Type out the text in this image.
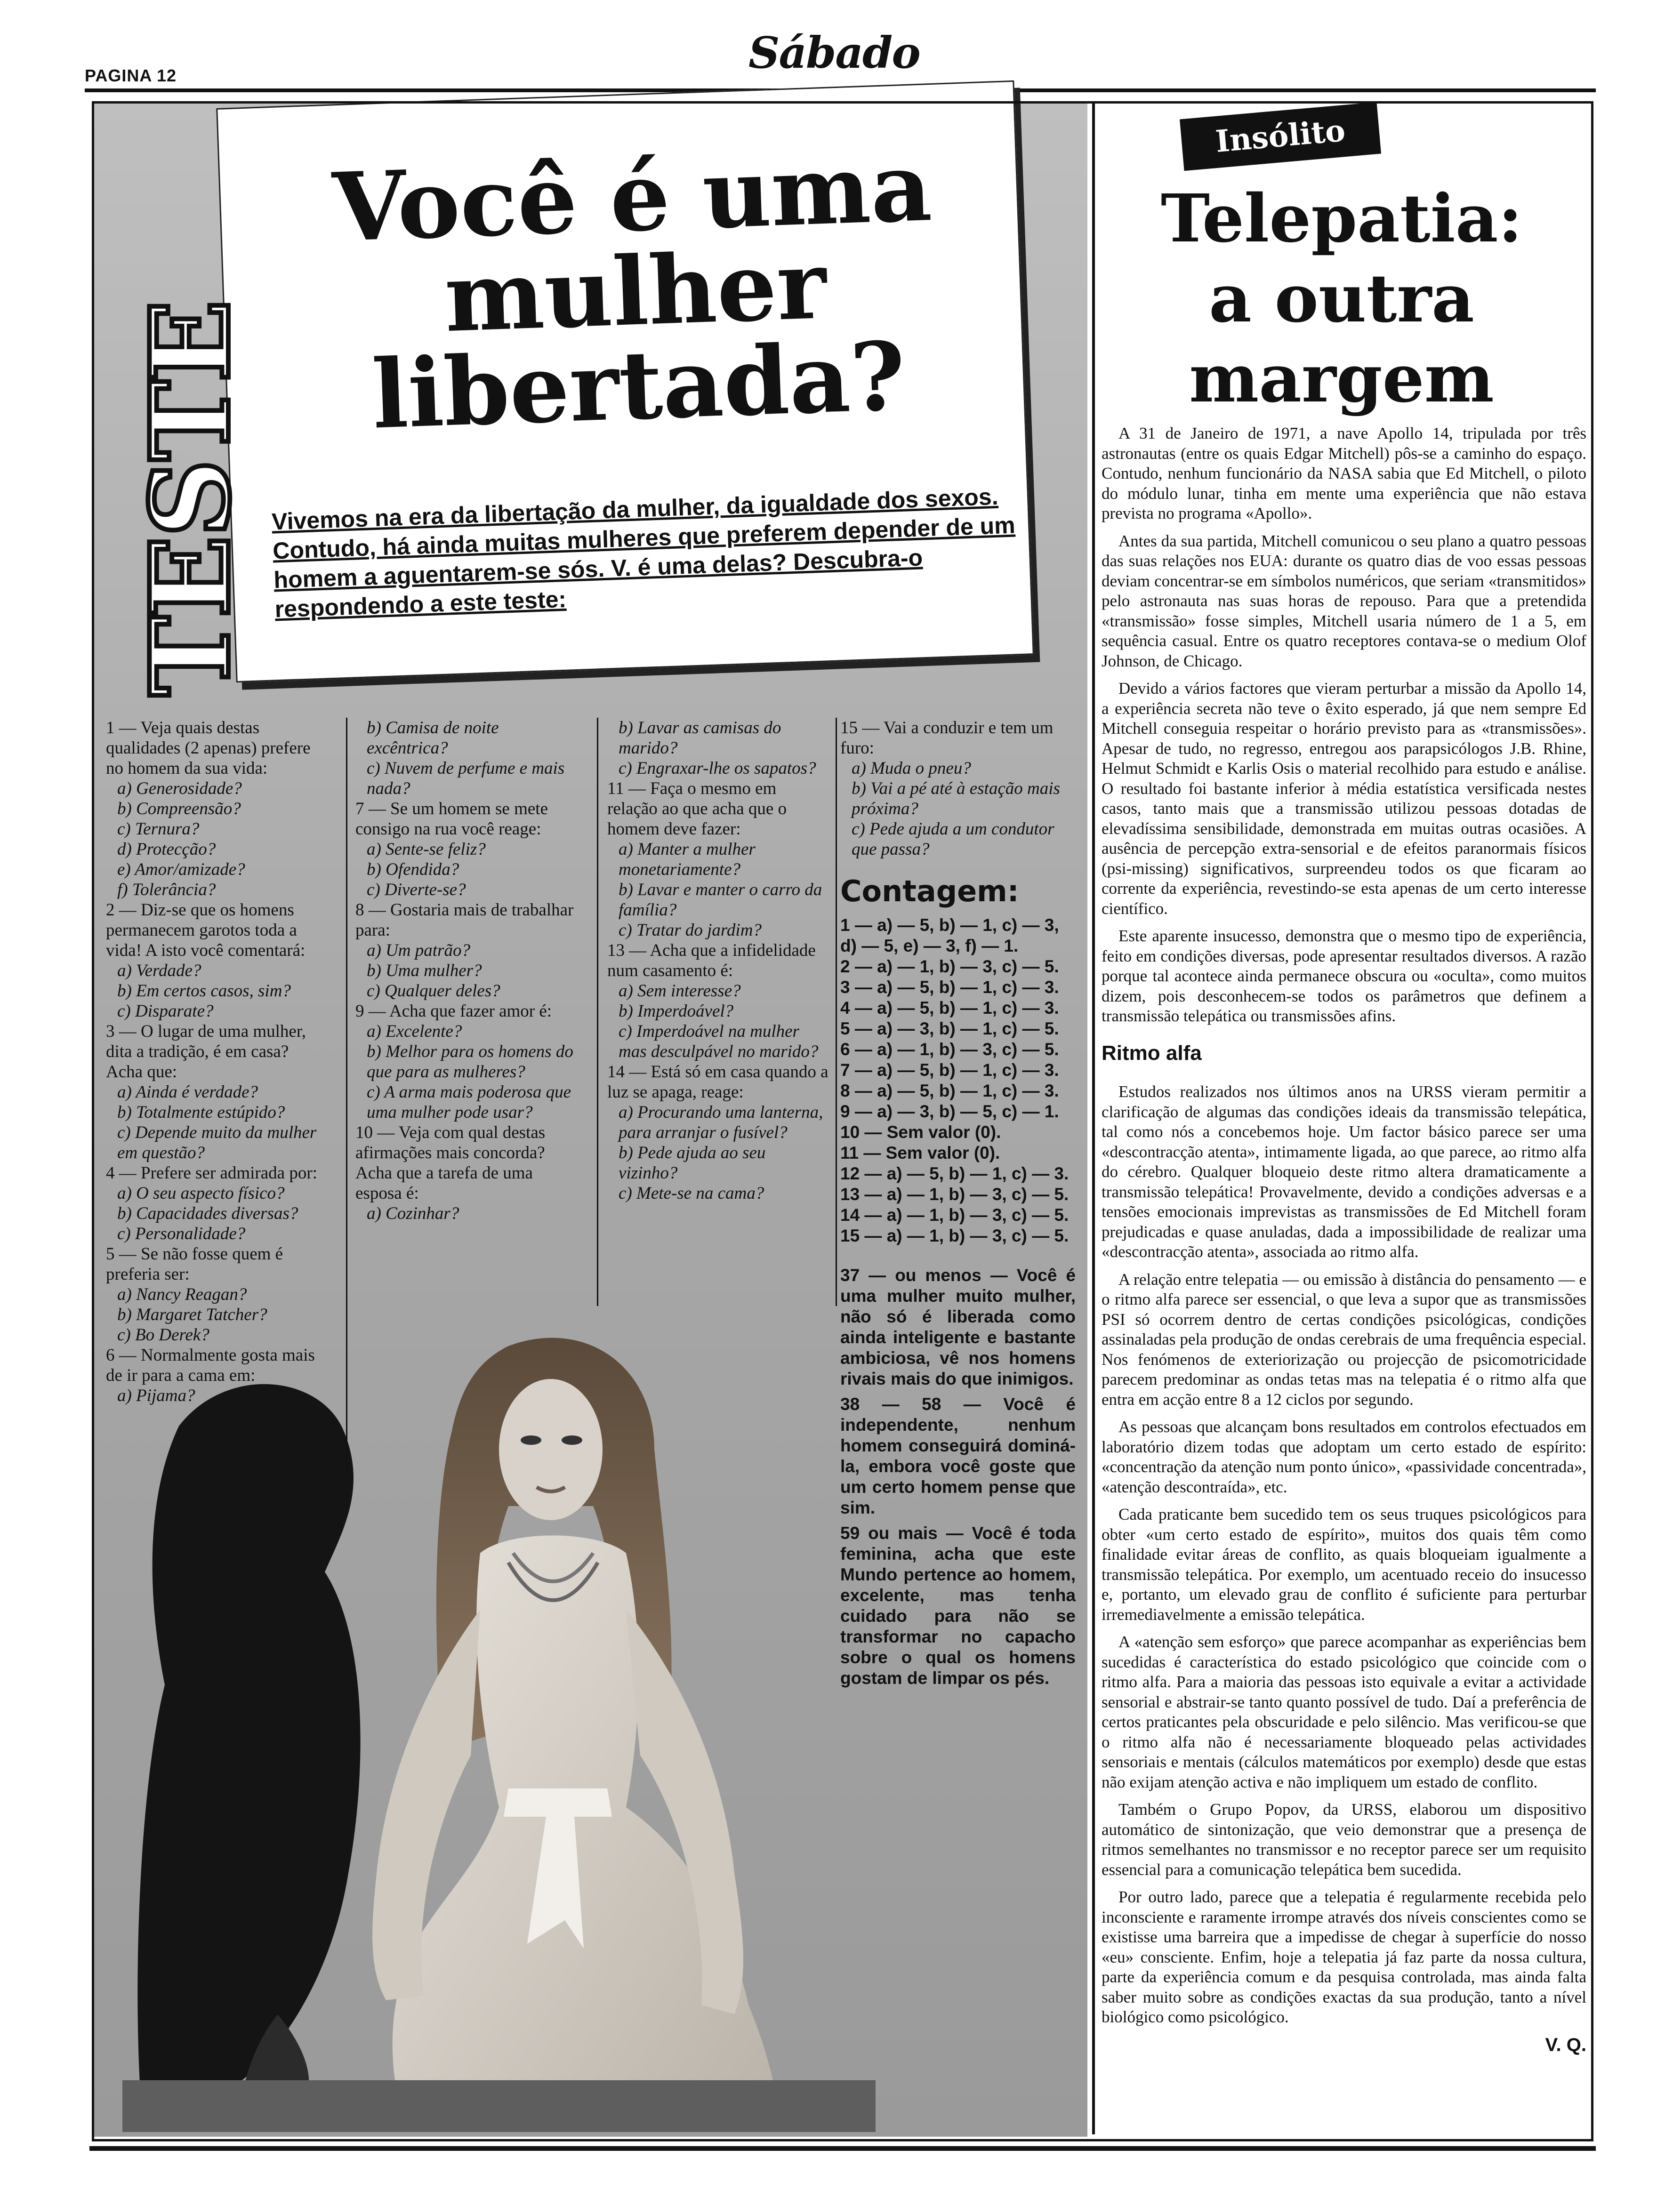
PAGINA 12	Sábado
TESTE
Você é uma
mulher
libertada?
Vivemos na era da libertação da mulher, da igualdade dos sexos. Contudo, há ainda muitas mulheres que preferem depender de um homem a aguentarem-se sós. V. é uma delas? Descubra-o respondendo a este teste:

1 — Veja quais destas qualidades (2 apenas) prefere no homem da sua vida:

a) Generosidade?

b) Compreensão?

c) Ternura?

d) Protecção?

e) Amor/amizade?

f) Tolerância?

2 — Diz-se que os homens permanecem garotos toda a vida! A isto você comentará:

a) Verdade?

b) Em certos casos, sim?

c) Disparate?

3 — O lugar de uma mulher, dita a tradição, é em casa? Acha que:

a) Ainda é verdade?

b) Totalmente estúpido?

c) Depende muito da mulher em questão?

4 — Prefere ser admirada por:

a) O seu aspecto físico?

b) Capacidades diversas?

c) Personalidade?

5 — Se não fosse quem é preferia ser:

a) Nancy Reagan?

b) Margaret Tatcher?

c) Bo Derek?

6 — Normalmente gosta mais de ir para a cama em:

a) Pijama?

b) Camisa de noite excêntrica?

c) Nuvem de perfume e mais nada?

7 — Se um homem se mete consigo na rua você reage:

a) Sente-se feliz?

b) Ofendida?

c) Diverte-se?

8 — Gostaria mais de trabalhar para:

a) Um patrão?

b) Uma mulher?

c) Qualquer deles?

9 — Acha que fazer amor é:

a) Excelente?

b) Melhor para os homens do que para as mulheres?

c) A arma mais poderosa que uma mulher pode usar?

10 — Veja com qual destas afirmações mais concorda? Acha que a tarefa de uma esposa é:

a) Cozinhar?

b) Lavar as camisas do marido?

c) Engraxar-lhe os sapatos?

11 — Faça o mesmo em relação ao que acha que o homem deve fazer:

a) Manter a mulher monetariamente?

b) Lavar e manter o carro da família?

c) Tratar do jardim?

13 — Acha que a infidelidade num casamento é:

a) Sem interesse?

b) Imperdoável?

c) Imperdoável na mulher mas desculpável no marido?

14 — Está só em casa quando a luz se apaga, reage:

a) Procurando uma lanterna, para arranjar o fusível?

b) Pede ajuda ao seu vizinho?

c) Mete-se na cama?

15 — Vai a conduzir e tem um furo:

a) Muda o pneu?

b) Vai a pé até à estação mais próxima?

c) Pede ajuda a um condutor que passa?

Contagem:

1 — a) — 5, b) — 1, c) — 3,

d) — 5, e) — 3, f) — 1.

2 — a) — 1, b) — 3, c) — 5.

3 — a) — 5, b) — 1, c) — 3.

4 — a) — 5, b) — 1, c) — 3.

5 — a) — 3, b) — 1, c) — 5.

6 — a) — 1, b) — 3, c) — 5.

7 — a) — 5, b) — 1, c) — 3.

8 — a) — 5, b) — 1, c) — 3.

9 — a) — 3, b) — 5, c) — 1.

10 — Sem valor (0).

11 — Sem valor (0).

12 — a) — 5, b) — 1, c) — 3.

13 — a) — 1, b) — 3, c) — 5.

14 — a) — 1, b) — 3, c) — 5.

15 — a) — 1, b) — 3, c) — 5.

37 — ou menos — Você é uma mulher muito mulher, não só é liberada como ainda inteligente e bastante ambiciosa, vê nos homens rivais mais do que inimigos.

38 — 58 — Você é independente, nenhum homem conseguirá dominá-la, embora você goste que um certo homem pense que sim.

59 ou mais — Você é toda feminina, acha que este Mundo pertence ao homem, excelente, mas tenha cuidado para não se transformar no capacho sobre o qual os homens gostam de limpar os pés.

Insólito
Telepatia:
a outra
margem

A 31 de Janeiro de 1971, a nave Apollo 14, tripulada por três astronautas (entre os quais Edgar Mitchell) pôs-se a caminho do espaço. Contudo, nenhum funcionário da NASA sabia que Ed Mitchell, o piloto do módulo lunar, tinha em mente uma experiência que não estava prevista no programa «Apollo».

Antes da sua partida, Mitchell comunicou o seu plano a quatro pessoas das suas relações nos EUA: durante os quatro dias de voo essas pessoas deviam concentrar-se em símbolos numéricos, que seriam «transmitidos» pelo astronauta nas suas horas de repouso. Para que a pretendida «transmissão» fosse simples, Mitchell usaria número de 1 a 5, em sequência casual. Entre os quatro receptores contava-se o medium Olof Johnson, de Chicago.

Devido a vários factores que vieram perturbar a missão da Apollo 14, a experiência secreta não teve o êxito esperado, já que nem sempre Ed Mitchell conseguia respeitar o horário previsto para as «transmissões». Apesar de tudo, no regresso, entregou aos parapsicólogos J.B. Rhine, Helmut Schmidt e Karlis Osis o material recolhido para estudo e análise. O resultado foi bastante inferior à média estatística versificada nestes casos, tanto mais que a transmissão utilizou pessoas dotadas de elevadíssima sensibilidade, demonstrada em muitas outras ocasiões. A ausência de percepção extra-sensorial e de efeitos paranormais físicos (psi-missing) significativos, surpreendeu todos os que ficaram ao corrente da experiência, revestindo-se esta apenas de um certo interesse científico.

Este aparente insucesso, demonstra que o mesmo tipo de experiência, feito em condições diversas, pode apresentar resultados diversos. A razão porque tal acontece ainda permanece obscura ou «oculta», como muitos dizem, pois desconhecem-se todos os parâmetros que definem a transmissão telepática ou transmissões afins.

Ritmo alfa

Estudos realizados nos últimos anos na URSS vieram permitir a clarificação de algumas das condições ideais da transmissão telepática, tal como nós a concebemos hoje. Um factor básico parece ser uma «descontracção atenta», intimamente ligada, ao que parece, ao ritmo alfa do cérebro. Qualquer bloqueio deste ritmo altera dramaticamente a transmissão telepática! Provavelmente, devido a condições adversas e a tensões emocionais imprevistas as transmissões de Ed Mitchell foram prejudicadas e quase anuladas, dada a impossibilidade de realizar uma «descontracção atenta», associada ao ritmo alfa.

A relação entre telepatia — ou emissão à distância do pensamento — e o ritmo alfa parece ser essencial, o que leva a supor que as transmissões PSI só ocorrem dentro de certas condições psicológicas, condições assinaladas pela produção de ondas cerebrais de uma frequência especial. Nos fenómenos de exteriorização ou projecção de psicomotricidade parecem predominar as ondas tetas mas na telepatia é o ritmo alfa que entra em acção entre 8 a 12 ciclos por segundo.

As pessoas que alcançam bons resultados em controlos efectuados em laboratório dizem todas que adoptam um certo estado de espírito: «concentração da atenção num ponto único», «passividade concentrada», «atenção descontraída», etc.

Cada praticante bem sucedido tem os seus truques psicológicos para obter «um certo estado de espírito», muitos dos quais têm como finalidade evitar áreas de conflito, as quais bloqueiam igualmente a transmissão telepática. Por exemplo, um acentuado receio do insucesso e, portanto, um elevado grau de conflito é suficiente para perturbar irremediavelmente a emissão telepática.

A «atenção sem esforço» que parece acompanhar as experiências bem sucedidas é característica do estado psicológico que coincide com o ritmo alfa. Para a maioria das pessoas isto equivale a evitar a actividade sensorial e abstrair-se tanto quanto possível de tudo. Daí a preferência de certos praticantes pela obscuridade e pelo silêncio. Mas verificou-se que o ritmo alfa não é necessariamente bloqueado pelas actividades sensoriais e mentais (cálculos matemáticos por exemplo) desde que estas não exijam atenção activa e não impliquem um estado de conflito.

Também o Grupo Popov, da URSS, elaborou um dispositivo automático de sintonização, que veio demonstrar que a presença de ritmos semelhantes no transmissor e no receptor parece ser um requisito essencial para a comunicação telepática bem sucedida.

Por outro lado, parece que a telepatia é regularmente recebida pelo inconsciente e raramente irrompe através dos níveis conscientes como se existisse uma barreira que a impedisse de chegar à superfície do nosso «eu» consciente. Enfim, hoje a telepatia já faz parte da nossa cultura, parte da experiência comum e da pesquisa controlada, mas ainda falta saber muito sobre as condições exactas da sua produção, tanto a nível biológico como psicológico.

V. Q.
